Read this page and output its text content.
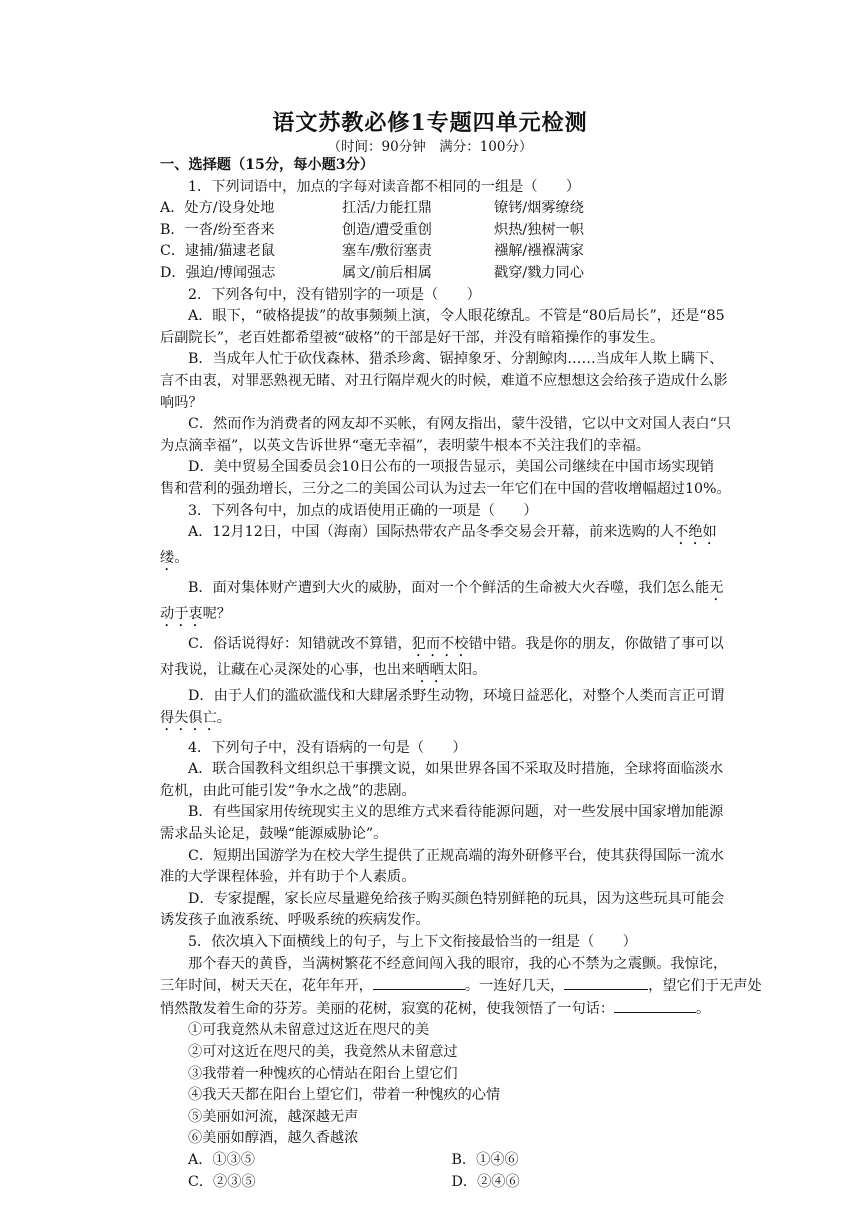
语文苏教必修1专题四单元检测
（时间：90分钟　满分：100分）
一、选择题（15分，每小题3分）
1．下列词语中，加点的字每对读音都不相同的一组是（　　）
A．处方/设身处地	扛活/力能扛鼎	镣铐/烟雾缭绕
B．一沓/纷至沓来	创造/遭受重创	炽热/独树一帜
C．逮捕/猫逮老鼠	塞车/敷衍塞责	襁解/襁褓满家
D．强迫/博闻强志	属文/前后相属	戳穿/戮力同心
2．下列各句中，没有错别字的一项是（　　）
A．眼下，“破格提拔”的故事频频上演，令人眼花缭乱。不管是“80后局长”，还是“85
后副院长”，老百姓都希望被“破格”的干部是好干部，并没有暗箱操作的事发生。
B．当成年人忙于砍伐森林、猎杀珍禽、锯掉象牙、分割鲸肉……当成年人欺上瞒下、
言不由衷，对罪恶熟视无睹、对丑行隔岸观火的时候，难道不应想想这会给孩子造成什么影
响吗？
C．然而作为消费者的网友却不买帐，有网友指出，蒙牛没错，它以中文对国人表白“只
为点滴幸福”，以英文告诉世界“毫无幸福”，表明蒙牛根本不关注我们的幸福。
D．美中贸易全国委员会10日公布的一项报告显示，美国公司继续在中国市场实现销
售和营利的强劲增长，三分之二的美国公司认为过去一年它们在中国的营收增幅超过10%。
3．下列各句中，加点的成语使用正确的一项是（　　）
A．12月12日，中国（海南）国际热带农产品冬季交易会开幕，前来选购的人不绝如
缕。
B．面对集体财产遭到大火的威胁，面对一个个鲜活的生命被大火吞噬，我们怎么能无
动于衷呢？
C．俗话说得好：知错就改不算错，犯而不校错中错。我是你的朋友，你做错了事可以
对我说，让藏在心灵深处的心事，也出来晒晒太阳。
D．由于人们的滥砍滥伐和大肆屠杀野生动物，环境日益恶化，对整个人类而言正可谓
得失俱亡。
4．下列句子中，没有语病的一句是（　　）
A．联合国教科文组织总干事撰文说，如果世界各国不采取及时措施，全球将面临淡水
危机，由此可能引发“争水之战”的悲剧。
B．有些国家用传统现实主义的思维方式来看待能源问题，对一些发展中国家增加能源
需求品头论足，鼓噪“能源威胁论”。
C．短期出国游学为在校大学生提供了正规高端的海外研修平台，使其获得国际一流水
准的大学课程体验，并有助于个人素质。
D．专家提醒，家长应尽量避免给孩子购买颜色特别鲜艳的玩具，因为这些玩具可能会
诱发孩子血液系统、呼吸系统的疾病发作。
5．依次填入下面横线上的句子，与上下文衔接最恰当的一组是（　　）
那个春天的黄昏，当满树繁花不经意间闯入我的眼帘，我的心不禁为之震颤。我惊诧，
三年时间，树天天在，花年年开，	。一连好几天，	，望它们于无声处
悄然散发着生命的芬芳。美丽的花树，寂寞的花树，使我领悟了一句话：	。
①可我竟然从未留意过这近在咫尺的美
②可对这近在咫尺的美，我竟然从未留意过
③我带着一种愧疚的心情站在阳台上望它们
④我天天都在阳台上望它们，带着一种愧疚的心情
⑤美丽如河流，越深越无声
⑥美丽如醇酒，越久香越浓
A．①③⑤	B．①④⑥
C．②③⑤	D．②④⑥
